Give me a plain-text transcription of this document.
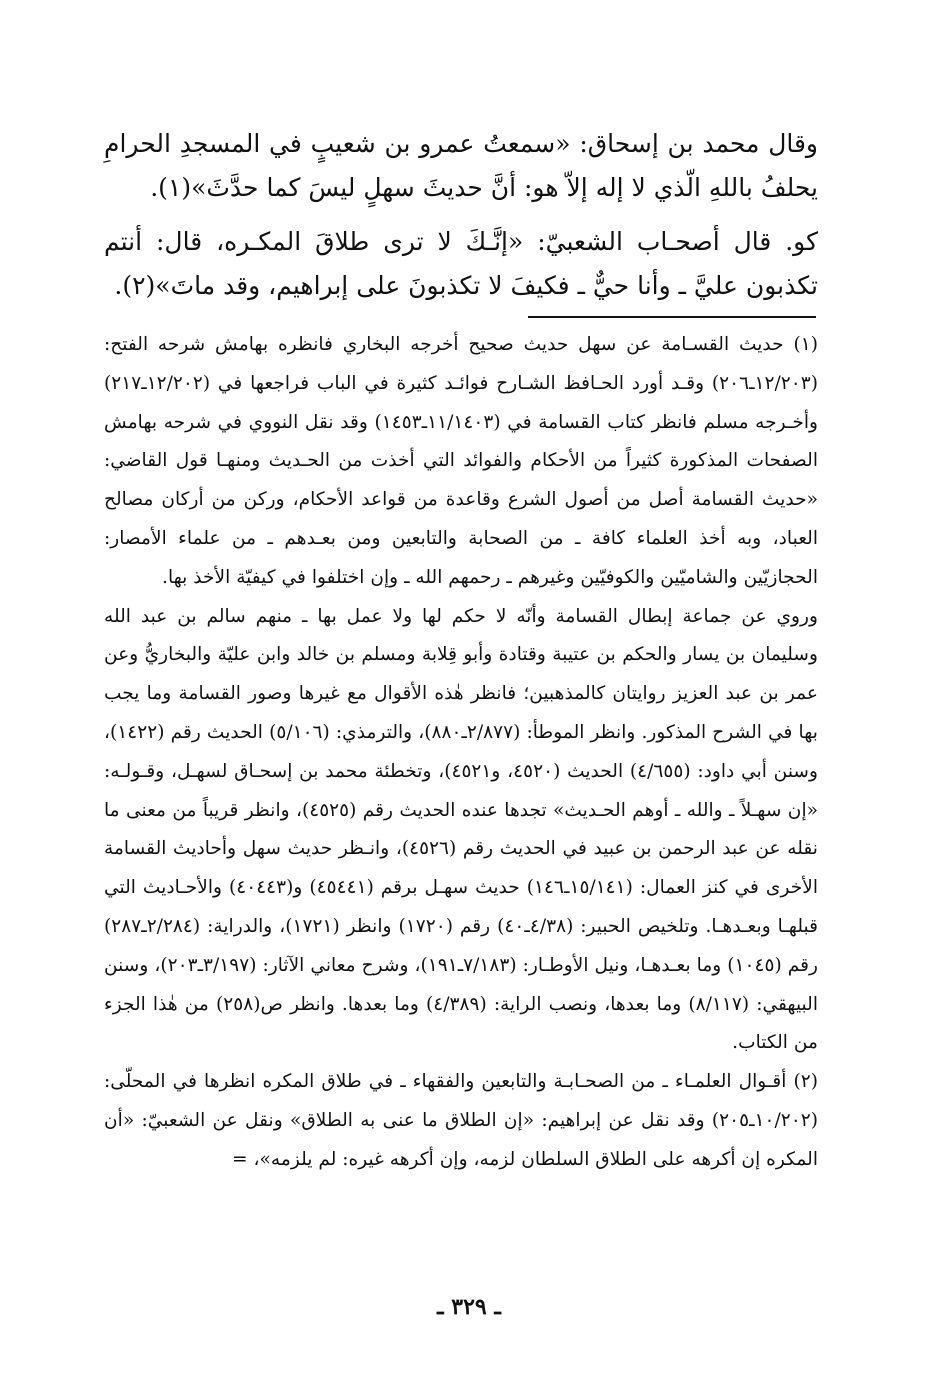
وقال محمد بن إسحاق: «سمعتُ عمرو بن شعيبٍ في المسجدِ الحرامِ يحلفُ باللهِ الّذي لا إله إلاّ هو: أنَّ حديثَ سهلٍ ليسَ كما حدَّثَ»(١).

كو. قال أصحـاب الشعبيّ: «إنَّـكَ لا ترى طلاقَ المكـره، قال: أنتم تكذبون عليَّ ـ وأنا حيٌّ ـ فكيفَ لا تكذبونَ على إبراهيم، وقد ماتَ»(٢).

(١) حديث القسـامة عن سهل حديث صحيح أخرجه البخاري فانظره بهامش شرحه الفتح: (١٢/٢٠٣ـ٢٠٦) وقـد أورد الحـافظ الشـارح فوائـد كثيرة في الباب فراجعها في (١٢/٢٠٢ـ٢١٧) وأخـرجه مسلم فانظر كتاب القسامة في (١١/١٤٠٣ـ١٤٥٣) وقد نقل النووي في شرحه بهامش الصفحات المذكورة كثيراً من الأحكام والفوائد التي أخذت من الحـديث ومنهـا قول القاضي: «حديث القسامة أصل من أصول الشرع وقاعدة من قواعد الأحكام، وركن من أركان مصالح العباد، وبه أخذ العلماء كافة ـ من الصحابة والتابعين ومن بعـدهم ـ من علماء الأمصار: الحجازيّين والشاميّين والكوفيّين وغيرهم ـ رحمهم الله ـ وإن اختلفوا في كيفيّة الأخذ بها.

وروي عن جماعة إبطال القسامة وأنّه لا حكم لها ولا عمل بها ـ منهم سالم بن عبد الله وسليمان بن يسار والحكم بن عتيبة وقتادة وأبو قِلابة ومسلم بن خالد وابن عليّة والبخاريُّ وعن عمر بن عبد العزيز روايتان كالمذهبين؛ فانظر هٰذه الأقوال مع غيرها وصور القسامة وما يجب بها في الشرح المذكور. وانظر الموطأ: (٢/٨٧٧ـ٨٨٠)، والترمذي: (٥/١٠٦) الحديث رقم (١٤٢٢)، وسنن أبي داود: (٤/٦٥٥) الحديث (٤٥٢٠، و٤٥٢١)، وتخطئة محمد بن إسحـاق لسهـل، وقـولـه: «إن سهـلاً ـ والله ـ أوهم الحـديث» تجدها عنده الحديث رقم (٤٥٢٥)، وانظر قريباً من معنى ما نقله عن عبد الرحمن بن عبيد في الحديث رقم (٤٥٢٦)، وانـظر حديث سهل وأحاديث القسامة الأخرى في كنز العمال: (١٥/١٤١ـ١٤٦) حديث سهـل برقم (٤٥٤٤١) و(٤٠٤٤٣) والأحـاديث التي قبلهـا وبعـدهـا. وتلخيص الحبير: (٤/٣٨ـ٤٠) رقم (١٧٢٠) وانظر (١٧٢١)، والدراية: (٢/٢٨٤ـ٢٨٧) رقم (١٠٤٥) وما بعـدهـا، ونيل الأوطـار: (٧/١٨٣ـ١٩١)، وشرح معاني الآثار: (٣/١٩٧ـ٢٠٣)، وسنن البيهقي: (٨/١١٧) وما بعدها، ونصب الراية: (٤/٣٨٩) وما بعدها. وانظر ص(٢٥٨) من هٰذا الجزء من الكتاب.

(٢) أقـوال العلمـاء ـ من الصحـابـة والتابعين والفقهاء ـ في طلاق المكره انظرها في المحلّى: (١٠/٢٠٢ـ٢٠٥) وقد نقل عن إبراهيم: «إن الطلاق ما عنى به الطلاق» ونقل عن الشعبيّ: «أن المكره إن أكرهه على الطلاق السلطان لزمه، وإن أكرهه غيره: لم يلزمه»، =

ـ ٣٢٩ ـ
